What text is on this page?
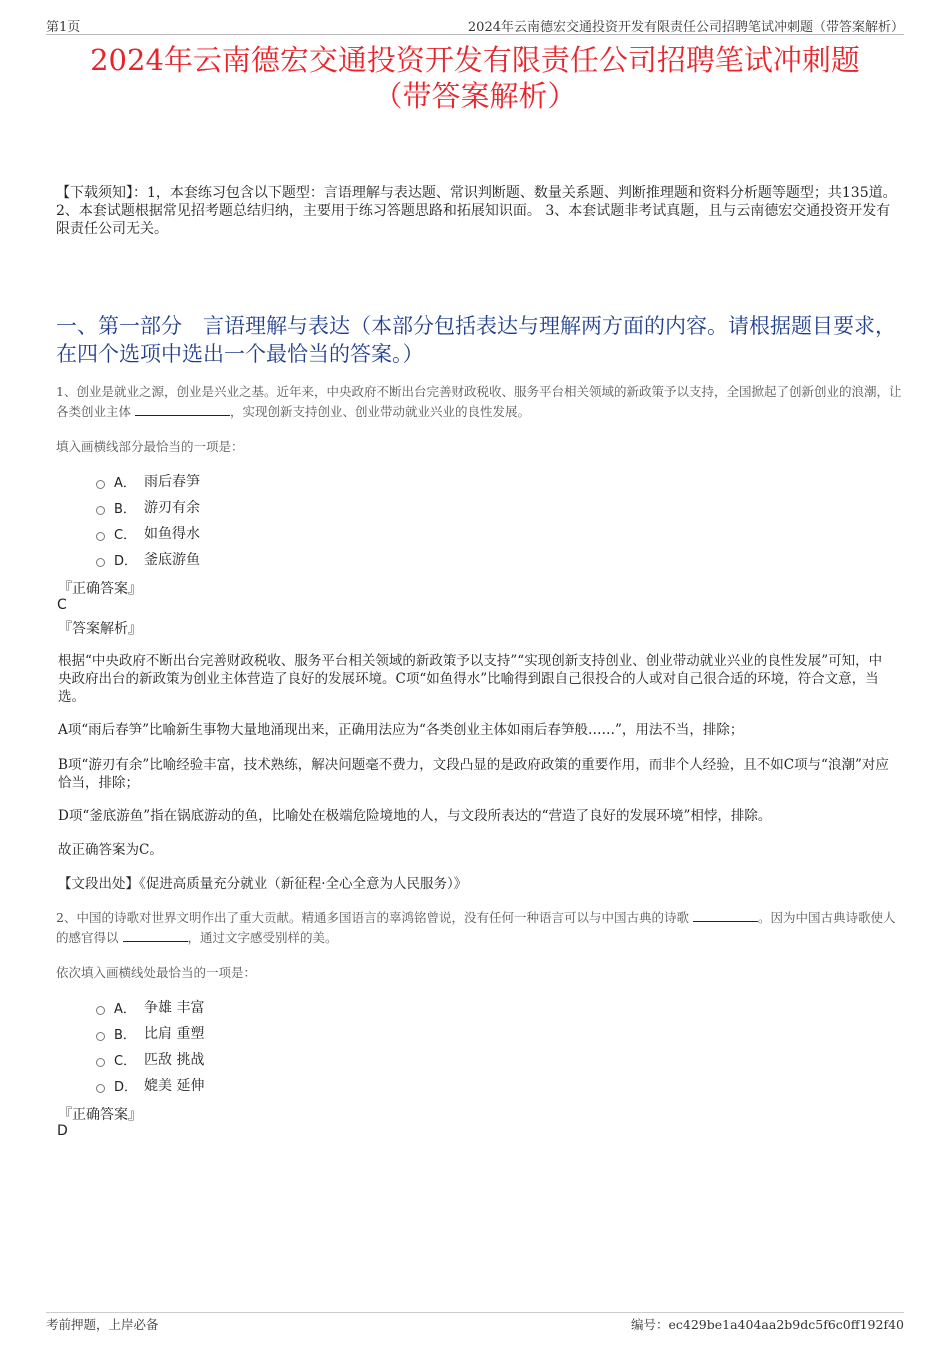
第1页	2024年云南德宏交通投资开发有限责任公司招聘笔试冲刺题（带答案解析）
2024年云南德宏交通投资开发有限责任公司招聘笔试冲刺题
（带答案解析）
【下载须知】：1，本套练习包含以下题型：言语理解与表达题、常识判断题、数量关系题、判断推理题和资料分析题等题型；共135道。 2、本套试题根据常见招考题总结归纳，主要用于练习答题思路和拓展知识面。 3、本套试题非考试真题，且与云南德宏交通投资开发有限责任公司无关。
一、第一部分　言语理解与表达（本部分包括表达与理解两方面的内容。请根据题目要求，在四个选项中选出一个最恰当的答案。）
1、创业是就业之源，创业是兴业之基。近年来，中央政府不断出台完善财政税收、服务平台相关领域的新政策予以支持，全国掀起了创新创业的浪潮，让各类创业主体	，实现创新支持创业、创业带动就业兴业的良性发展。
填入画横线部分最恰当的一项是：
A． 雨后春笋
B． 游刃有余
C． 如鱼得水
D． 釜底游鱼
『正确答案』
C
『答案解析』
根据“中央政府不断出台完善财政税收、服务平台相关领域的新政策予以支持”“实现创新支持创业、创业带动就业兴业的良性发展”可知，中央政府出台的新政策为创业主体营造了良好的发展环境。C项“如鱼得水”比喻得到跟自己很投合的人或对自己很合适的环境，符合文意，当选。
A项“雨后春笋”比喻新生事物大量地涌现出来，正确用法应为“各类创业主体如雨后春笋般……”，用法不当，排除；
B项“游刃有余”比喻经验丰富，技术熟练，解决问题毫不费力，文段凸显的是政府政策的重要作用，而非个人经验，且不如C项与“浪潮”对应恰当，排除；
D项“釜底游鱼”指在锅底游动的鱼，比喻处在极端危险境地的人，与文段所表达的“营造了良好的发展环境”相悖，排除。
故正确答案为C。
【文段出处】《促进高质量充分就业（新征程·全心全意为人民服务）》
2、中国的诗歌对世界文明作出了重大贡献。精通多国语言的辜鸿铭曾说，没有任何一种语言可以与中国古典的诗歌	。因为中国古典诗歌使人的感官得以	，通过文字感受别样的美。
依次填入画横线处最恰当的一项是：
A． 争雄 丰富
B． 比肩 重塑
C． 匹敌 挑战
D． 媲美 延伸
『正确答案』
D
考前押题，上岸必备	编号：ec429be1a404aa2b9dc5f6c0ff192f40
